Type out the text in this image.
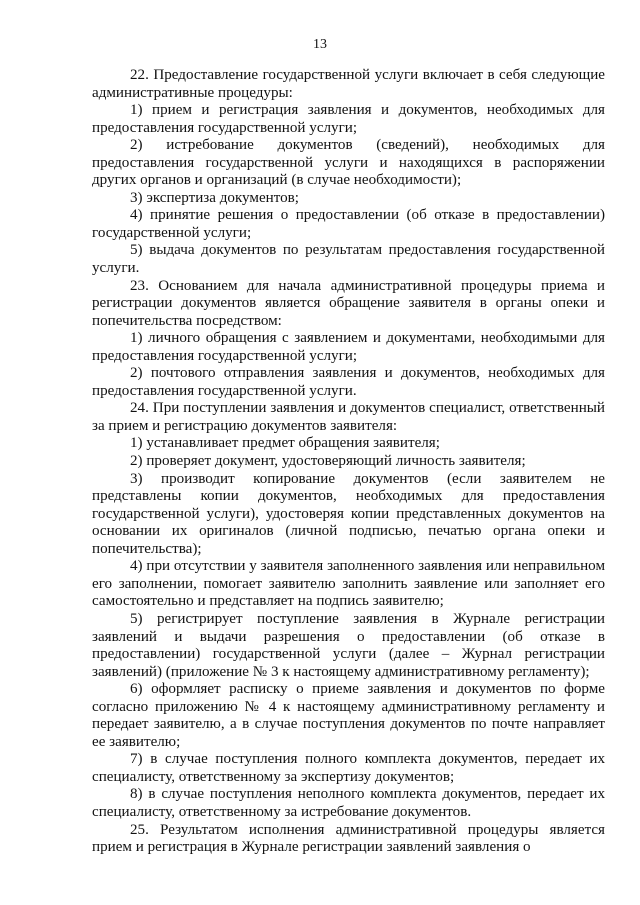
13

22. Предоставление государственной услуги включает в себя следующие административные процедуры:

1) прием и регистрация заявления и документов, необходимых для предоставления государственной услуги;

2) истребование документов (сведений), необходимых для предоставления государственной услуги и находящихся в распоряжении других органов и организаций (в случае необходимости);

3) экспертиза документов;

4) принятие решения о предоставлении (об отказе в предоставлении) государственной услуги;

5) выдача документов по результатам предоставления государственной услуги.

23. Основанием для начала административной процедуры приема и регистрации документов является обращение заявителя в органы опеки и попечительства посредством:

1) личного обращения с заявлением и документами, необходимыми для предоставления государственной услуги;

2) почтового отправления заявления и документов, необходимых для предоставления государственной услуги.

24. При поступлении заявления и документов специалист, ответственный за прием и регистрацию документов заявителя:

1) устанавливает предмет обращения заявителя;

2) проверяет документ, удостоверяющий личность заявителя;

3) производит копирование документов (если заявителем не представлены копии документов, необходимых для предоставления государственной услуги), удостоверяя копии представленных документов на основании их оригиналов (личной подписью, печатью органа опеки и попечительства);

4) при отсутствии у заявителя заполненного заявления или неправильном его заполнении, помогает заявителю заполнить заявление или заполняет его самостоятельно и представляет на подпись заявителю;

5) регистрирует поступление заявления в Журнале регистрации заявлений и выдачи разрешения о предоставлении (об отказе в предоставлении) государственной услуги (далее – Журнал регистрации заявлений) (приложение № 3 к настоящему административному регламенту);

6) оформляет расписку о приеме заявления и документов по форме согласно приложению № 4 к настоящему административному регламенту и передает заявителю, а в случае поступления документов по почте направляет ее заявителю;

7) в случае поступления полного комплекта документов, передает их специалисту, ответственному за экспертизу документов;

8) в случае поступления неполного комплекта документов, передает их специалисту, ответственному за истребование документов.

25. Результатом исполнения административной процедуры является прием и регистрация в Журнале регистрации заявлений заявления о
